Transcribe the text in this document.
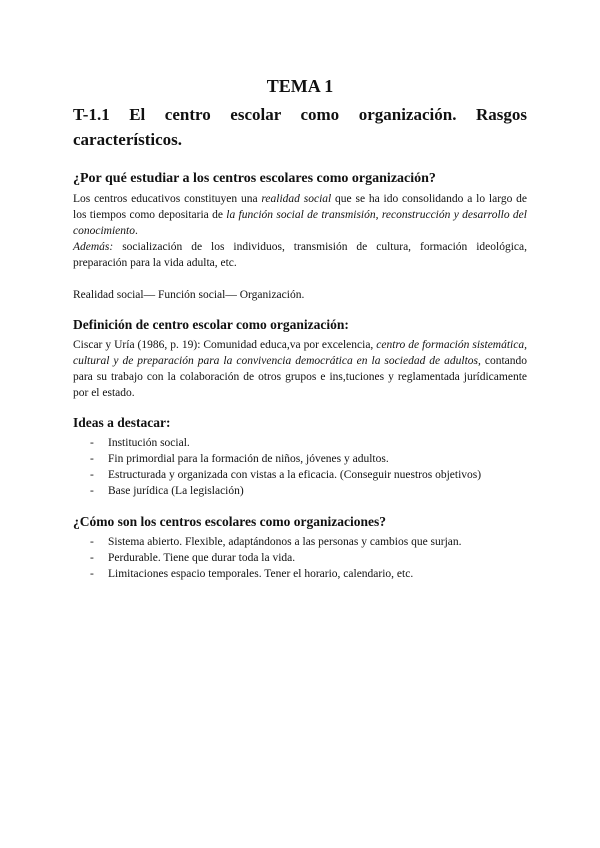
TEMA 1
T-1.1 El centro escolar como organización. Rasgos característicos.
¿Por qué estudiar a los centros escolares como organización?

Los centros educativos constituyen una realidad social que se ha ido consolidando a lo largo de los tiempos como depositaria de la función social de transmisión, reconstrucción y desarrollo del conocimiento.

Además: socialización de los individuos, transmisión de cultura, formación ideológica, preparación para la vida adulta, etc.

Realidad social— Función social— Organización.

Definición de centro escolar como organización:

Ciscar y Uría (1986, p. 19): Comunidad educa,va por excelencia, centro de formación sistemática, cultural y de preparación para la convivencia democrática en la sociedad de adultos, contando para su trabajo con la colaboración de otros grupos e ins,tuciones y reglamentada jurídicamente por el estado.

Ideas a destacar:
- Institución social.
- Fin primordial para la formación de niños, jóvenes y adultos.
- Estructurada y organizada con vistas a la eficacia. (Conseguir nuestros objetivos)
- Base jurídica (La legislación)
¿Cómo son los centros escolares como organizaciones?
- Sistema abierto. Flexible, adaptándonos a las personas y cambios que surjan.
- Perdurable. Tiene que durar toda la vida.
- Limitaciones espacio temporales. Tener el horario, calendario, etc.
